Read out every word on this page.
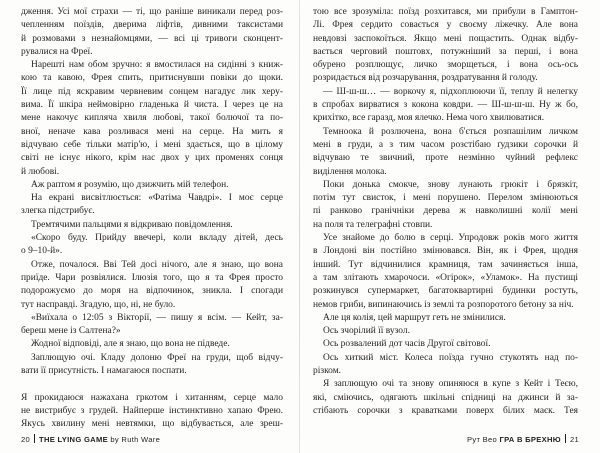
дження. Усі мої страхи — ті, що раніше виникали перед роз-
чепленням поїздів, дверима ліфтів, дивними таксистами
й розмовами з незнайомцями, — всі ці тривоги сконцент-
рувалися на Фреї.
Нарешті нам обом зручно: я вмостилася на сидінні з книж-
кою та кавою, Фрея спить, притиснувши повіки до щоки.
Її лице під яскравим червневим сонцем нагадує лик херу-
вима. Її шкіра неймовірно гладенька й чиста. І через це на
мене накочує кипляча хвиля любові, такої болючої та по-
вної, неначе кава розливася мені на серце. На мить я
відчуваю себе тільки матір'ю, і мені здається, що в цілому
світі не існує нікого, крім нас двох у цих променях сонця
й любові.
Аж раптом я розумію, що дзижчить мій телефон.
На екрані висвітлюється: «Фатіма Чавдрі». І моє серце
злегка підстрибує.
Тремтячими пальцями я відкриваю повідомлення.
«Скоро буду. Прийду ввечері, коли вкладу дітей, десь
о 9–10-й».
Отже, почалося. Вві Тей досі нічого, але я знаю, що вона
приїде. Чари розвіялися. Ілюзія того, що я та Фрея просто
подорожуємо до моря на відпочинок, зникла. І спогади
тут насправді. Згадую, що, ні, не було.
«Виїхала о 12:05 з Вікторії, — пишу я всім. — Кейт, за-
береш мене із Салтена?»
Жодної відповіді, але я знаю, що вона не підведе.
Заплющую очі. Кладу долоню Фреї на груди, щоб відчу-
вати її присутність. І намагаюся поспати.
Я прокидаюся нажахана гркотом і хитанням, серце мало
не вистрибує з грудей. Найперше інстинктивно хапаю Фрею.
Якусь хвилину мені невтямки, що відбувається, але зреш-
20 THE LYING GAME by Ruth Ware
тою все зрозуміла: поїзд розхитався, ми прибули в Гамптон-
Лі. Фрея сердито совається у своєму ліжечку. Але вона
невдовзі заспокоїться. Якщо мені пощастить. Однак відбу-
вається черговий поштовх, потужніший за перші, і вона
обурено розплющує, личко зморщеться, і вона ось-ось
розридається від розчарування, роздратування й голоду.
— Ш-ш-ш… — воркочу я, підхоплюючи її, теплу й нелегку
в спробах вирватися з кокона ковдри. — Ш-ш-ш-ш. Ну ж бо,
крихітко, все гаразд, моя ялечко. Нема чого хвилюватися.
Темноока й розлючена, вона б'ється розпашілим личком
мені в груди, а з тим часом розстібаю ґудзики сорочки й
відчуваю те звичний, проте незмінно чуйний рефлекс
виділення молока.
Поки донька смокче, знову лунають грюкіт і брязкіт,
потім тут свисток, і мені порушено. Перелом змінюються
пі ранково гранічніки дерева ж навколишні колії мені
на поля та телеграфні стовпи.
Усе знайоме до болю в серці. Упродовж років мого життя
в Лондоні він постійно змінювався. Він, як і Фрея, щодня
інший. Тут відчинилися крамниця, там зачиняється інша,
а там злітають хмарочоси. «Огірок», «Уламок». На пустищі
розкинувся супермаркет, багатоквартирні будинки ростуть,
немов гриби, випинаючись із землі та розпоротого бетону за ніч.
Але ця колія, цей маршрут геть не змінилися.
Ось зчорілий її вузол.
Ось розвалений дот часів Другої світової.
Ось хиткий міст. Колеса поїзда гучно стукотять над по-
різком.
Я заплющую очі та знову опиняюся в купе з Кейт і Теєю,
які, сміючись, одягають шкільні спідниці на джинси й за-
стібають сорочки з краватками поверх білих маєк. Тея
Рут Вео ГРА В БРЕХНЮ 21
